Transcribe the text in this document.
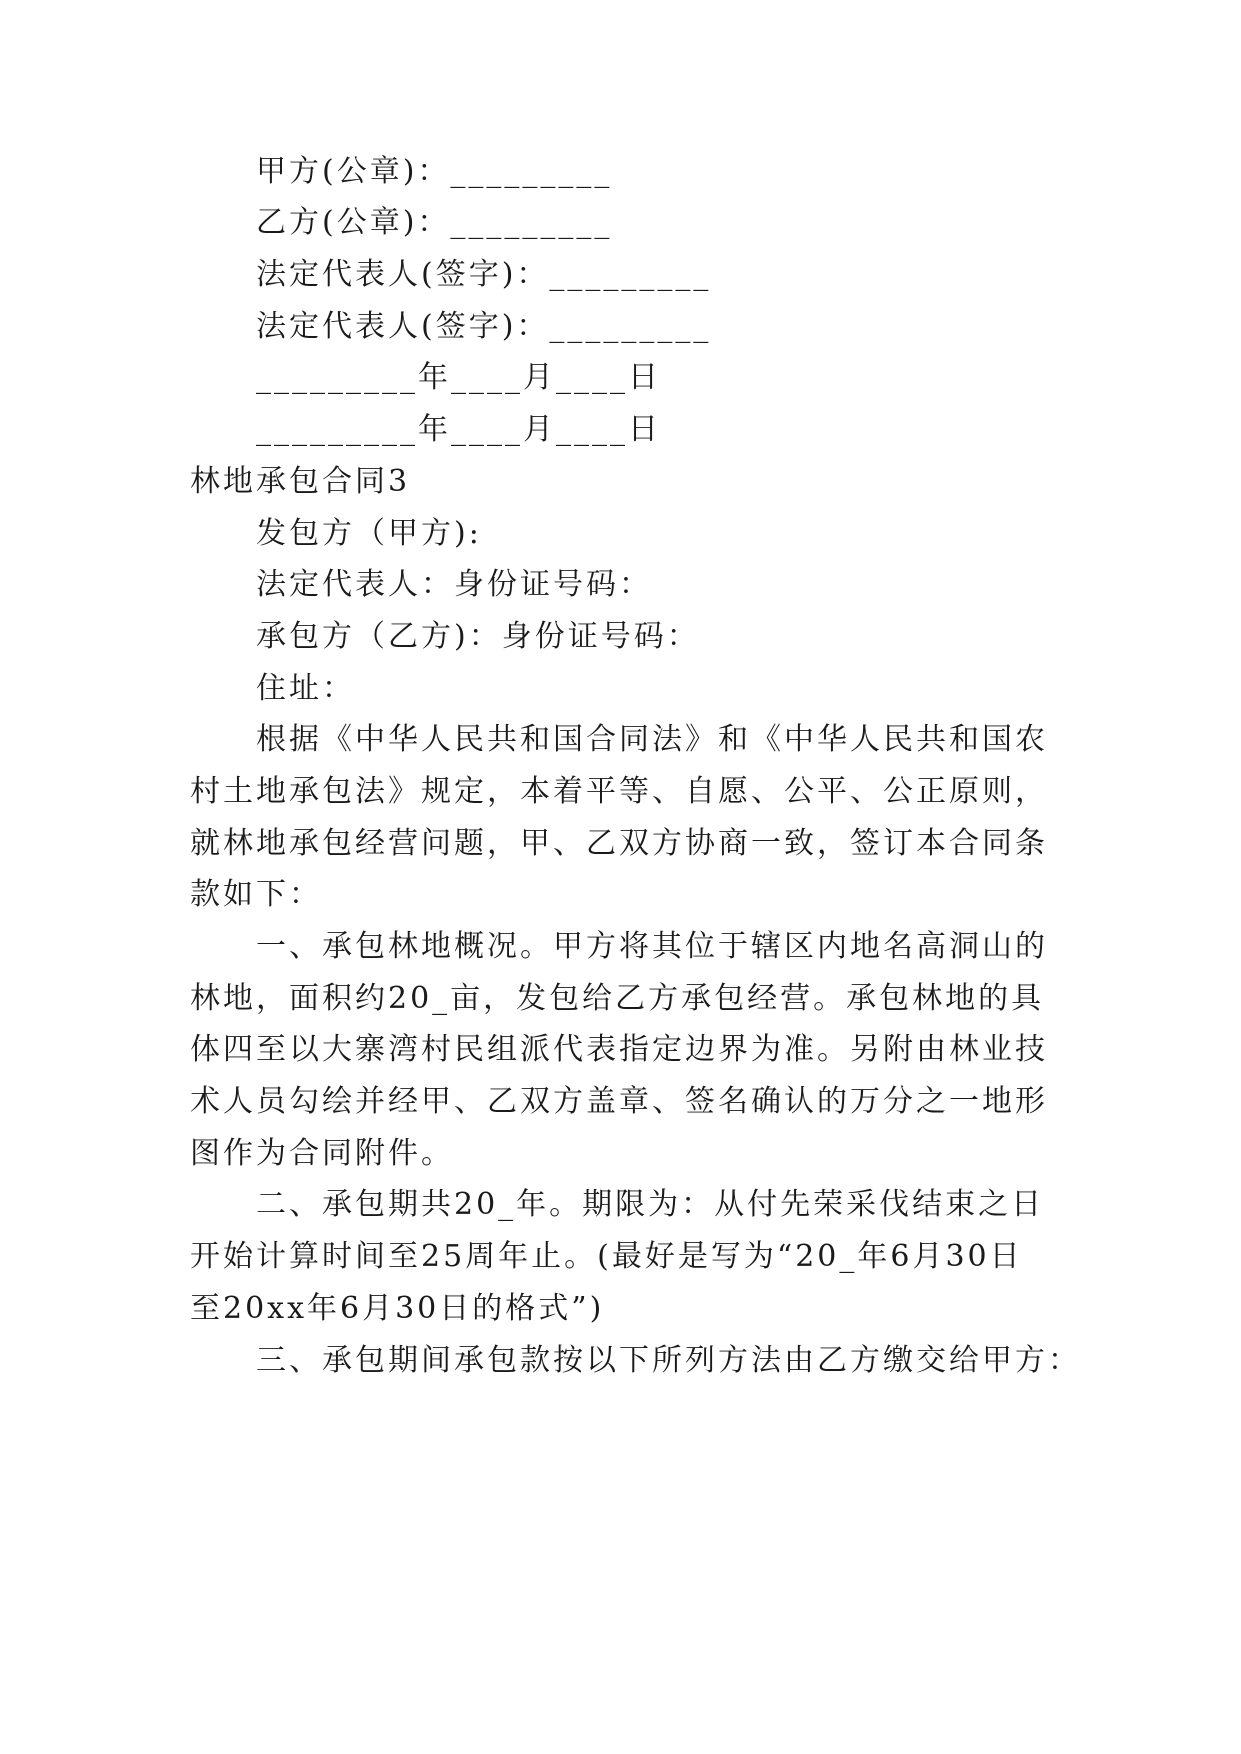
甲方(公章)：_________
乙方(公章)：_________
法定代表人(签字)：_________
法定代表人(签字)：_________
_________年____月____日
_________年____月____日
林地承包合同3
发包方（甲方):
法定代表人：身份证号码：
承包方（乙方)：身份证号码：
住址：
根据《中华人民共和国合同法》和《中华人民共和国农
村土地承包法》规定，本着平等、自愿、公平、公正原则，
就林地承包经营问题，甲、乙双方协商一致，签订本合同条
款如下：
一、承包林地概况。甲方将其位于辖区内地名高洞山的
林地，面积约20_亩，发包给乙方承包经营。承包林地的具
体四至以大寨湾村民组派代表指定边界为准。另附由林业技
术人员勾绘并经甲、乙双方盖章、签名确认的万分之一地形
图作为合同附件。
二、承包期共20_年。期限为：从付先荣采伐结束之日
开始计算时间至25周年止。(最好是写为“20_年6月30日
至20xx年6月30日的格式”)
三、承包期间承包款按以下所列方法由乙方缴交给甲方：
